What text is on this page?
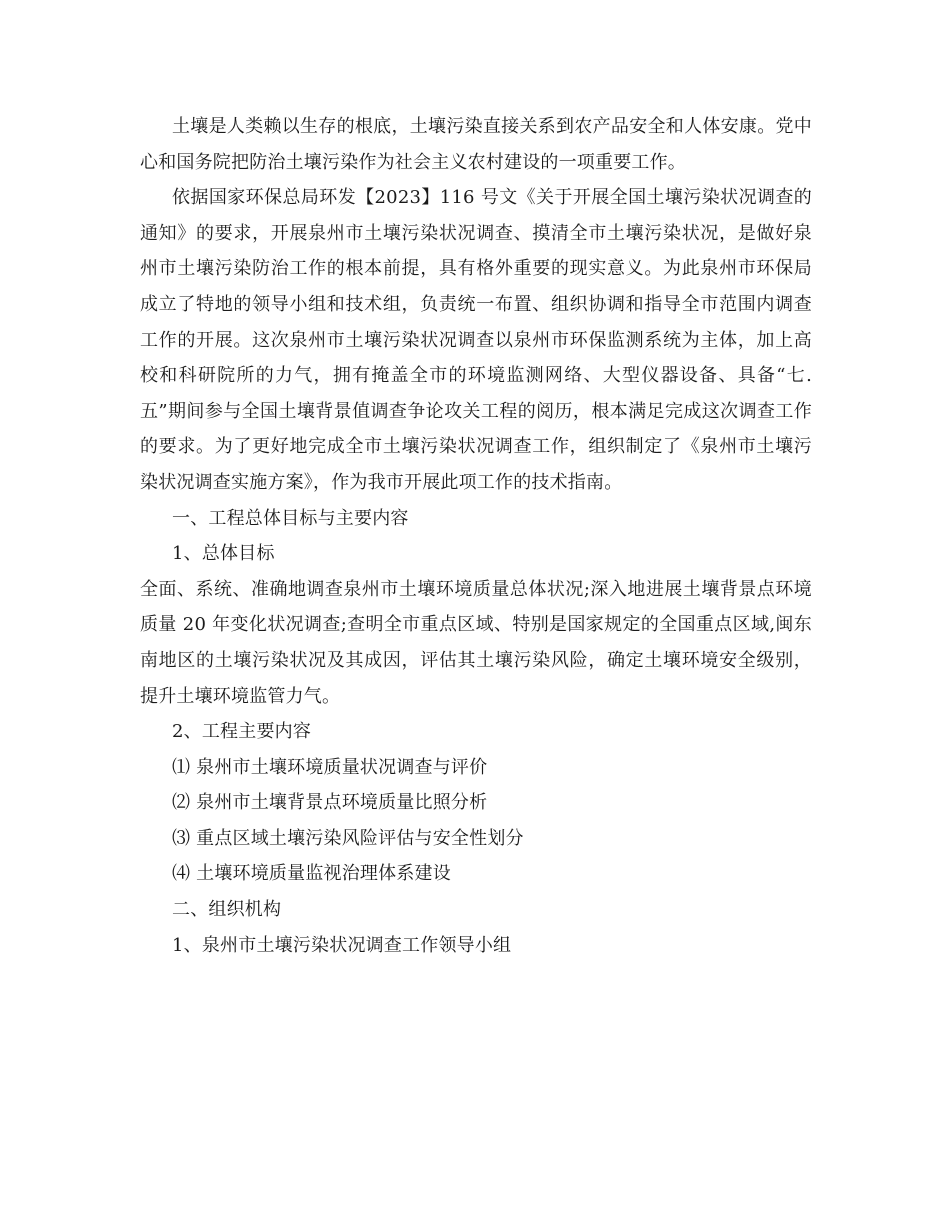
土壤是人类赖以生存的根底，土壤污染直接关系到农产品安全和人体安康。党中心和国务院把防治土壤污染作为社会主义农村建设的一项重要工作。

依据国家环保总局环发【2023】116 号文《关于开展全国土壤污染状况调查的通知》的要求，开展泉州市土壤污染状况调查、摸清全市土壤污染状况，是做好泉州市土壤污染防治工作的根本前提，具有格外重要的现实意义。为此泉州市环保局成立了特地的领导小组和技术组，负责统一布置、组织协调和指导全市范围内调查工作的开展。这次泉州市土壤污染状况调查以泉州市环保监测系统为主体，加上高校和科研院所的力气，拥有掩盖全市的环境监测网络、大型仪器设备、具备“七.五”期间参与全国土壤背景值调查争论攻关工程的阅历，根本满足完成这次调查工作的要求。为了更好地完成全市土壤污染状况调查工作，组织制定了《泉州市土壤污染状况调查实施方案》，作为我市开展此项工作的技术指南。

一、工程总体目标与主要内容

1、总体目标

全面、系统、准确地调查泉州市土壤环境质量总体状况;深入地进展土壤背景点环境质量 20 年变化状况调查;查明全市重点区域、特别是国家规定的全国重点区域,闽东南地区的土壤污染状况及其成因，评估其土壤污染风险，确定土壤环境安全级别，提升土壤环境监管力气。

2、工程主要内容

⑴ 泉州市土壤环境质量状况调查与评价

⑵ 泉州市土壤背景点环境质量比照分析

⑶ 重点区域土壤污染风险评估与安全性划分

⑷ 土壤环境质量监视治理体系建设

二、组织机构

1、泉州市土壤污染状况调查工作领导小组
